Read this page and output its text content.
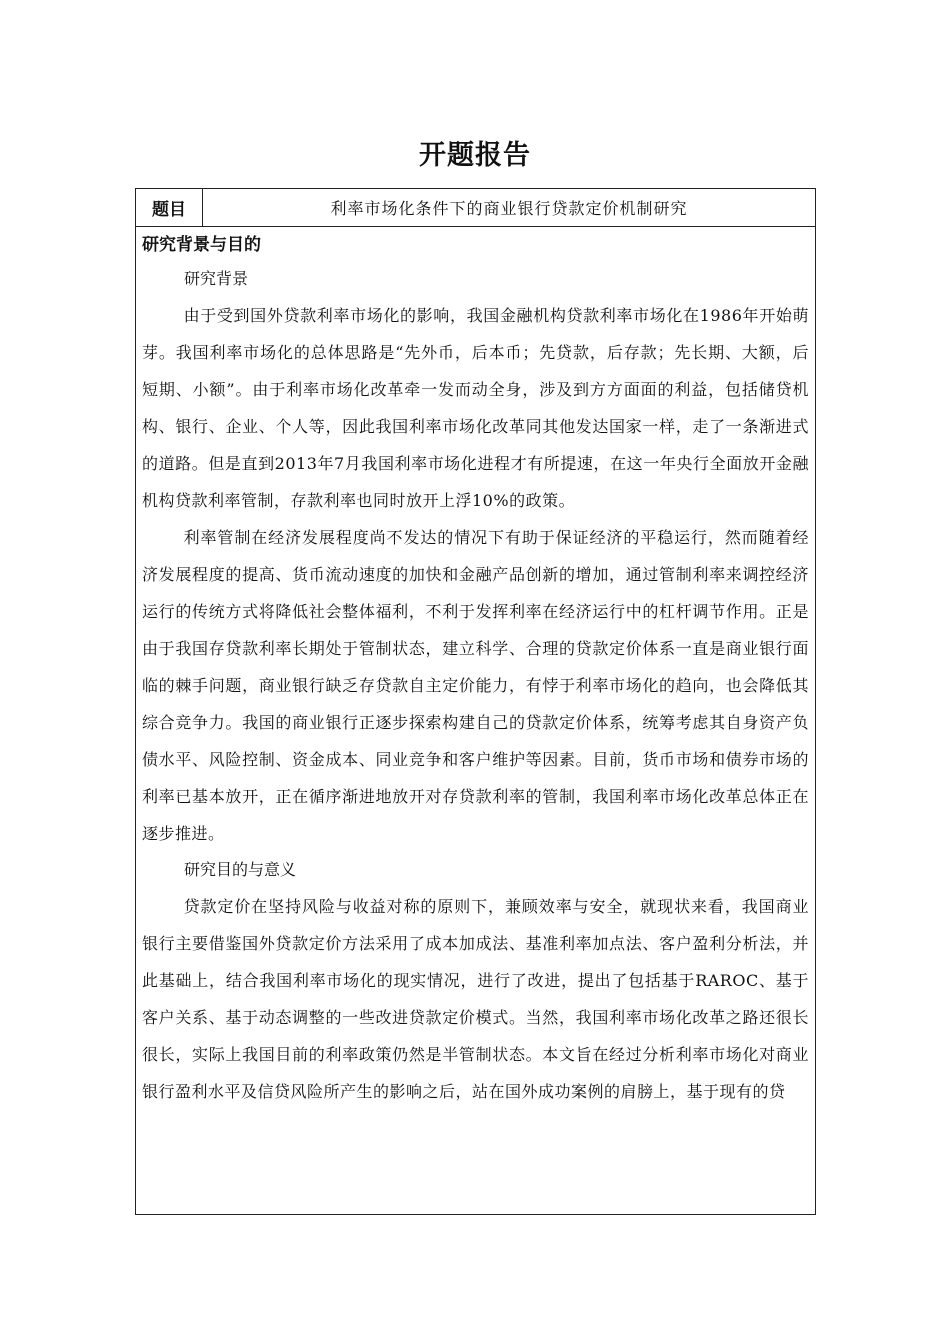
开题报告
题目	利率市场化条件下的商业银行贷款定价机制研究

研究背景与目的

研究背景

由于受到国外贷款利率市场化的影响，我国金融机构贷款利率市场化在1986年开始萌芽。我国利率市场化的总体思路是“先外币，后本币；先贷款，后存款；先长期、大额，后短期、小额”。由于利率市场化改革牵一发而动全身，涉及到方方面面的利益，包括储贷机构、银行、企业、个人等，因此我国利率市场化改革同其他发达国家一样，走了一条渐进式的道路。但是直到2013年7月我国利率市场化进程才有所提速，在这一年央行全面放开金融机构贷款利率管制，存款利率也同时放开上浮10%的政策。

利率管制在经济发展程度尚不发达的情况下有助于保证经济的平稳运行，然而随着经济发展程度的提高、货币流动速度的加快和金融产品创新的增加，通过管制利率来调控经济运行的传统方式将降低社会整体福利，不利于发挥利率在经济运行中的杠杆调节作用。正是由于我国存贷款利率长期处于管制状态，建立科学、合理的贷款定价体系一直是商业银行面临的棘手问题，商业银行缺乏存贷款自主定价能力，有悖于利率市场化的趋向，也会降低其综合竞争力。我国的商业银行正逐步探索构建自己的贷款定价体系，统筹考虑其自身资产负债水平、风险控制、资金成本、同业竞争和客户维护等因素。目前，货币市场和债券市场的利率已基本放开，正在循序渐进地放开对存贷款利率的管制，我国利率市场化改革总体正在逐步推进。

研究目的与意义

贷款定价在坚持风险与收益对称的原则下，兼顾效率与安全，就现状来看，我国商业银行主要借鉴国外贷款定价方法采用了成本加成法、基准利率加点法、客户盈利分析法，并此基础上，结合我国利率市场化的现实情况，进行了改进，提出了包括基于RAROC、基于客户关系、基于动态调整的一些改进贷款定价模式。当然，我国利率市场化改革之路还很长很长，实际上我国目前的利率政策仍然是半管制状态。本文旨在经过分析利率市场化对商业银行盈利水平及信贷风险所产生的影响之后，站在国外成功案例的肩膀上，基于现有的贷
